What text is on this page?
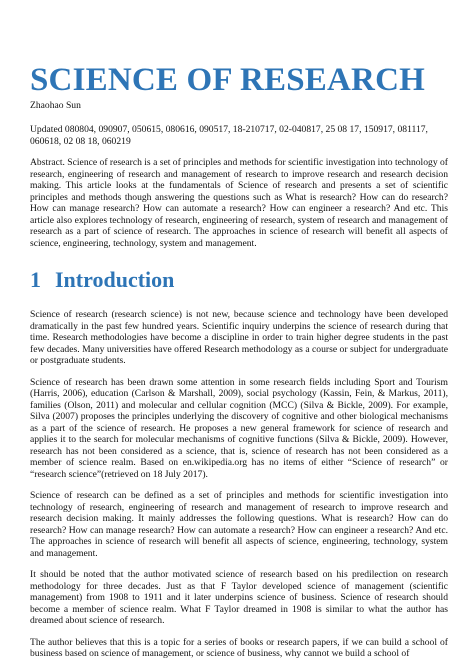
SCIENCE OF RESEARCH
Zhaohao Sun
Updated 080804, 090907, 050615, 080616, 090517, 18-210717, 02-040817, 25 08 17, 150917, 081117, 060618, 02 08 18, 060219

Abstract. Science of research is a set of principles and methods for scientific investigation into technology of research, engineering of research and management of research to improve research and research decision making. This article looks at the fundamentals of Science of research and presents a set of scientific principles and methods though answering the questions such as What is research? How can do research? How can manage research? How can automate a research? How can engineer a research? And etc. This article also explores technology of research, engineering of research, system of research and management of research as a part of science of research. The approaches in science of research will benefit all aspects of science, engineering, technology, system and management.

1 Introduction

Science of research (research science) is not new, because science and technology have been developed dramatically in the past few hundred years. Scientific inquiry underpins the science of research during that time. Research methodologies have become a discipline in order to train higher degree students in the past few decades. Many universities have offered Research methodology as a course or subject for undergraduate or postgraduate students.

Science of research has been drawn some attention in some research fields including Sport and Tourism (Harris, 2006), education (Carlson & Marshall, 2009), social psychology (Kassin, Fein, & Markus, 2011), families (Olson, 2011) and molecular and cellular cognition (MCC) (Silva & Bickle, 2009). For example, Silva (2007) proposes the principles underlying the discovery of cognitive and other biological mechanisms as a part of the science of research. He proposes a new general framework for science of research and applies it to the search for molecular mechanisms of cognitive functions (Silva & Bickle, 2009). However, research has not been considered as a science, that is, science of research has not been considered as a member of science realm. Based on en.wikipedia.org has no items of either “Science of research” or “research science”(retrieved on 18 July 2017).

Science of research can be defined as a set of principles and methods for scientific investigation into technology of research, engineering of research and management of research to improve research and research decision making. It mainly addresses the following questions. What is research? How can do research? How can manage research? How can automate a research? How can engineer a research? And etc. The approaches in science of research will benefit all aspects of science, engineering, technology, system and management.

It should be noted that the author motivated science of research based on his predilection on research methodology for three decades. Just as that F Taylor developed science of management (scientific management) from 1908 to 1911 and it later underpins science of business. Science of research should become a member of science realm. What F Taylor dreamed in 1908 is similar to what the author has dreamed about science of research.

The author believes that this is a topic for a series of books or research papers, if we can build a school of business based on science of management, or science of business, why cannot we build a school of
